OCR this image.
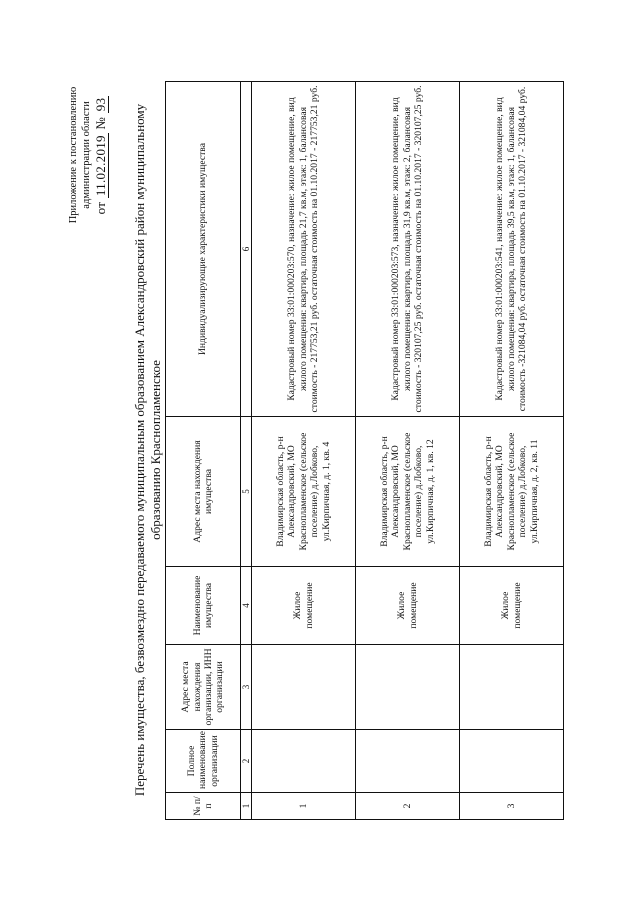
Приложение к постановлению администрации области от 11.02.2019 № 93 Перечень имущества, безвозмездно передаваемого муниципальным образованием Александровский район муниципальному образованию Краснопламенское
№ п/п	Полное наименование организации	Адрес места нахождения организации, ИНН организации	Наименование имущества	Адрес места нахождения имущества	Индивидуализирующие характеристики имущества
1	2	3	4	5	6
1			Жилое помещение	Владимирская область, р-н Александровский, МО Краснопламенское (сельское поселение) д.Лобково, ул.Кирпичная, д. 1, кв. 4	Кадастровый номер 33:01:000203:570, назначение: жилое помещение, вид жилого помещения: квартира, площадь 21,7 кв.м, этаж: 1, балансовая стоимость - 217753,21 руб. остаточная стоимость на 01.10.2017 - 217753,21 руб.
2			Жилое помещение	Владимирская область, р-н Александровский, МО Краснопламенское (сельское поселение) д.Лобково, ул.Кирпичная, д. 1, кв. 12	Кадастровый номер 33:01:000203:573, назначение: жилое помещение, вид жилого помещения: квартира, площадь 31,9 кв.м, этаж: 2, балансовая стоимость - 320107,25 руб. остаточная стоимость на 01.10.2017 - 320107,25 руб.
3			Жилое помещение	Владимирская область, р-н Александровский, МО Краснопламенское (сельское поселение) д.Лобково, ул.Кирпичная, д. 2, кв. 11	Кадастровый номер 33:01:000203:541, назначение: жилое помещение, вид жилого помещения: квартира, площадь 39,5 кв.м, этаж: 1, балансовая стоимость -321084,04 руб. остаточная стоимость на 01.10.2017 - 321084,04 руб.
